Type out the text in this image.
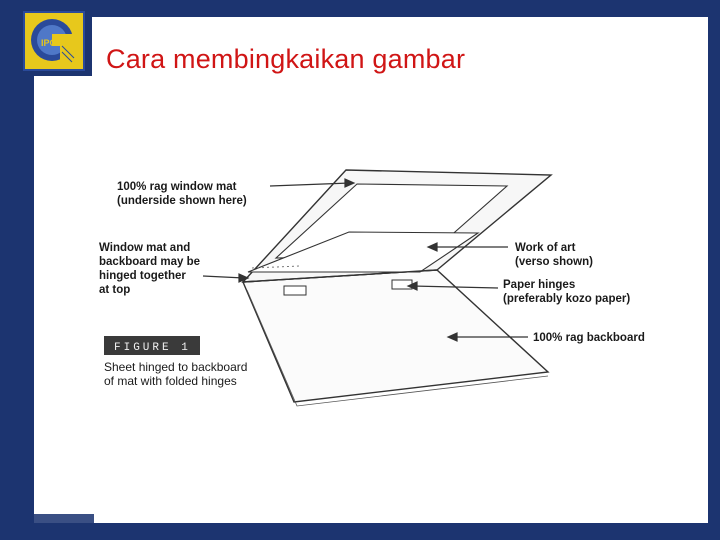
IPG
Cara membingkaikan gambar
100% rag window mat
(underside shown here)
Window mat and
backboard may be
hinged together
at top
Work of art
(verso shown)
Paper hinges
(preferably kozo paper)
100% rag backboard
FIGURE 1
Sheet hinged to backboard
of mat with folded hinges
